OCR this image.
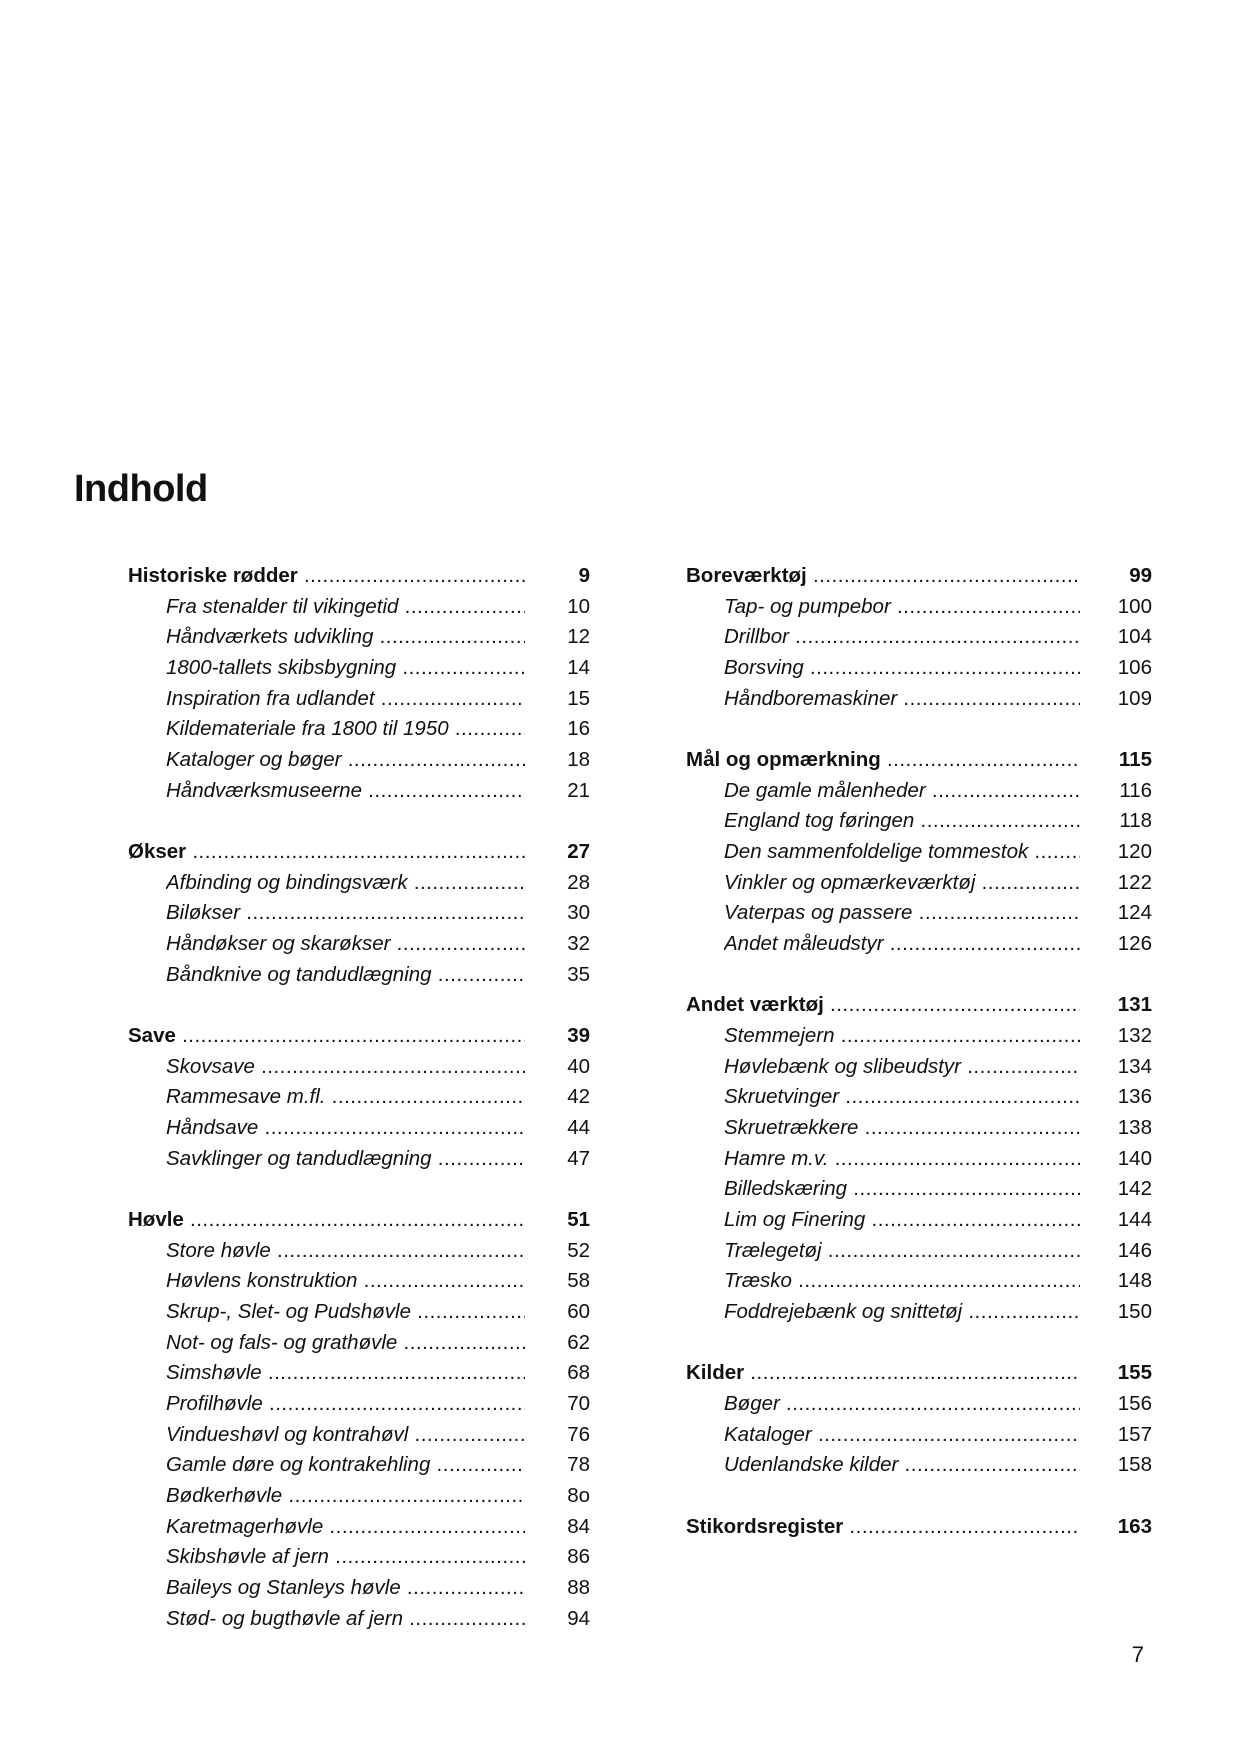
Indhold
Historiske rødder .....	9
Fra stenalder til vikingetid .....	10
Håndværkets udvikling .....	12
1800-tallets skibsbygning .....	14
Inspiration fra udlandet .....	15
Kildemateriale fra 1800 til 1950 .....	16
Kataloger og bøger .....	18
Håndværksmuseerne .....	21
Økser .....	27
Afbinding og bindingsværk .....	28
Biløkser .....	30
Håndøkser og skarøkser .....	32
Båndknive og tandudlægning .....	35
Save .....	39
Skovsave .....	40
Rammesave m.fl. .....	42
Håndsave .....	44
Savklinger og tandudlægning .....	47
Høvle .....	51
Store høvle .....	52
Høvlens konstruktion .....	58
Skrup-, Slet- og Pudshøvle .....	60
Not- og fals- og grathøvle .....	62
Simshøvle .....	68
Profilhøvle .....	70
Vindueshøvl og kontrahøvl .....	76
Gamle døre og kontrakehling .....	78
Bødkerhøvle .....	8o
Karetmagerhøvle .....	84
Skibshøvle af jern .....	86
Baileys og Stanleys høvle .....	88
Stød- og bugthøvle af jern .....	94
Boreværktøj .....	99
Tap- og pumpebor .....	100
Drillbor .....	104
Borsving .....	106
Håndboremaskiner .....	109
Mål og opmærkning .....	115
De gamle målenheder .....	116
England tog føringen .....	118
Den sammenfoldelige tommestok .....	120
Vinkler og opmærkeværktøj .....	122
Vaterpas og passere .....	124
Andet måleudstyr .....	126
Andet værktøj .....	131
Stemmejern .....	132
Høvlebænk og slibeudstyr .....	134
Skruetvinger .....	136
Skruetrækkere .....	138
Hamre m.v. .....	140
Billedskæring .....	142
Lim og Finering .....	144
Trælegetøj .....	146
Træsko .....	148
Foddrejebænk og snittetøj .....	150
Kilder .....	155
Bøger .....	156
Kataloger .....	157
Udenlandske kilder .....	158
Stikordsregister .....	163
7
